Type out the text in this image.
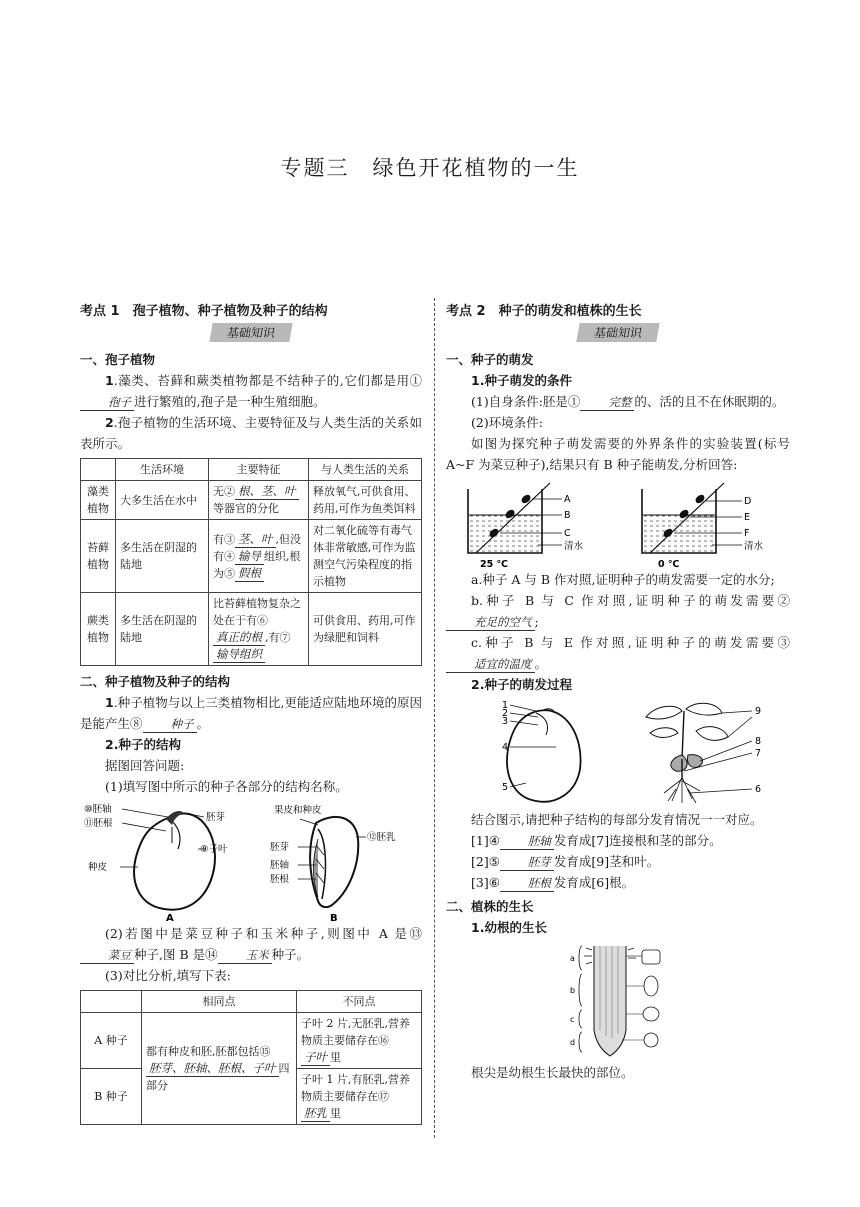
专题三　绿色开花植物的一生
考点 1　孢子植物、种子植物及种子的结构
基础知识
一、孢子植物

1.藻类、苔藓和蕨类植物都是不结种子的,它们都是用①孢子 进行繁殖的,孢子是一种生殖细胞。

2.孢子植物的生活环境、主要特征及与人类生活的关系如表所示。

	生活环境	主要特征	与人类生活的关系
藻类植物	大多生活在水中	无② 根、茎、叶等器官的分化	释放氧气,可供食用、药用,可作为鱼类饵料
苔藓植物	多生活在阴湿的陆地	有③ 茎、叶 ,但没有④ 输导 组织,根为⑤ 假根	对二氧化硫等有毒气体非常敏感,可作为监测空气污染程度的指示植物
蕨类植物	多生活在阴湿的陆地	比苔藓植物复杂之处在于有⑥真正的根 ,有⑦输导组织	可供食用、药用,可作为绿肥和饲料
二、种子植物及种子的结构

1.种子植物与以上三类植物相比,更能适应陆地环境的原因是能产生⑧ 种子 。

2.种子的结构

据图回答问题:

(1)填写图中所示的种子各部分的结构名称。

⑩胚轴
⑪胚根
胚芽
⑨子叶
种皮
A
果皮和种皮
⑫胚乳
胚芽
胚轴
胚根
B

(2)若图中是菜豆种子和玉米种子,则图中 A 是⑬菜豆 种子,图 B 是⑭ 玉米 种子。

(3)对比分析,填写下表:

	相同点	不同点
A 种子	都有种皮和胚,胚都包括⑮胚芽、胚轴、胚根、子叶 四部分	子叶 2 片,无胚乳,营养物质主要储存在⑯子叶 里
B 种子		子叶 1 片,有胚乳,营养物质主要储存在⑰胚乳 里
考点 2　种子的萌发和植株的生长
基础知识
一、种子的萌发

1.种子萌发的条件

(1)自身条件:胚是① 完整 的、活的且不在休眠期的。

(2)环境条件:

如图为探究种子萌发需要的外界条件的实验装置(标号 A~F 为菜豆种子),结果只有 B 种子能萌发,分析回答:

A
B
C
清水
25 ℃
D
E
F
清水
0 ℃

a.种子 A 与 B 作对照,证明种子的萌发需要一定的水分;

b.种子 B 与 C 作对照,证明种子的萌发需要②充足的空气 ;

c.种子 B 与 E 作对照,证明种子的萌发需要③适宜的温度 。

2.种子的萌发过程

1
2
3
4
5
9
8
7
6

结合图示,请把种子结构的每部分发育情况一一对应。

[1]④ 胚轴 发育成[7]连接根和茎的部分。

[2]⑤ 胚芽 发育成[9]茎和叶。

[3]⑥ 胚根 发育成[6]根。

二、植株的生长

1.幼根的生长

a
b
c
d

根尖是幼根生长最快的部位。
